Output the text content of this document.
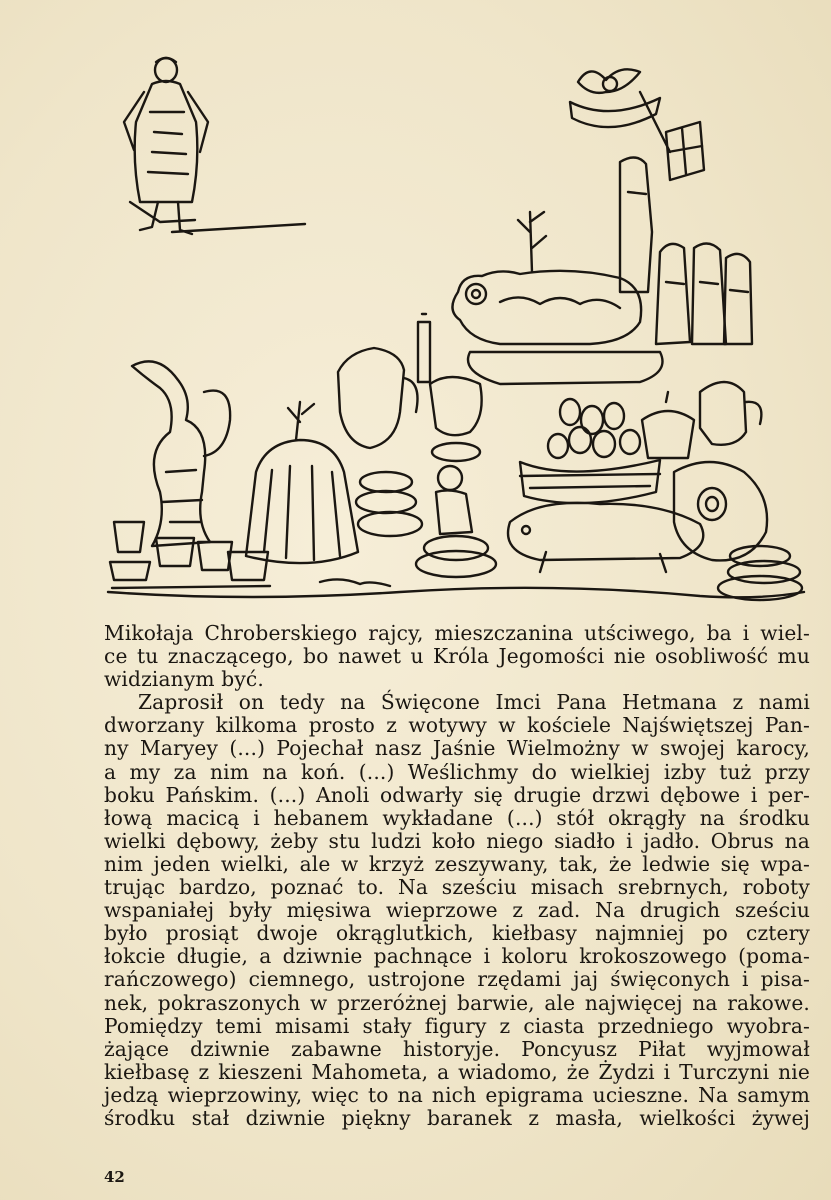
Mikołaja Chroberskiego rajcy, mieszczanina utściwego, ba i wiel-
ce tu znaczącego, bo nawet u Króla Jegomości nie osobliwość mu
widzianym być.
Zaprosił on tedy na Święcone Imci Pana Hetmana z nami
dworzany kilkoma prosto z wotywy w kościele Najświętszej Pan-
ny Maryey (...) Pojechał nasz Jaśnie Wielmożny w swojej karocy,
a my za nim na koń. (...) Weślichmy do wielkiej izby tuż przy
boku Pańskim. (...) Anoli odwarły się drugie drzwi dębowe i per-
łową macicą i hebanem wykładane (...) stół okrągły na środku
wielki dębowy, żeby stu ludzi koło niego siadło i jadło. Obrus na
nim jeden wielki, ale w krzyż zeszywany, tak, że ledwie się wpa-
trując bardzo, poznać to. Na sześciu misach srebrnych, roboty
wspaniałej były mięsiwa wieprzowe z zad. Na drugich sześciu
było prosiąt dwoje okrąglutkich, kiełbasy najmniej po cztery
łokcie długie, a dziwnie pachnące i koloru krokoszowego (poma-
rańczowego) ciemnego, ustrojone rzędami jaj święconych i pisa-
nek, pokraszonych w przeróżnej barwie, ale najwięcej na rakowe.
Pomiędzy temi misami stały figury z ciasta przedniego wyobra-
żające dziwnie zabawne historyje. Poncyusz Piłat wyjmował
kiełbasę z kieszeni Mahometa, a wiadomo, że Żydzi i Turczyni nie
jedzą wieprzowiny, więc to na nich epigrama ucieszne. Na samym
środku stał dziwnie piękny baranek z masła, wielkości żywej
42
